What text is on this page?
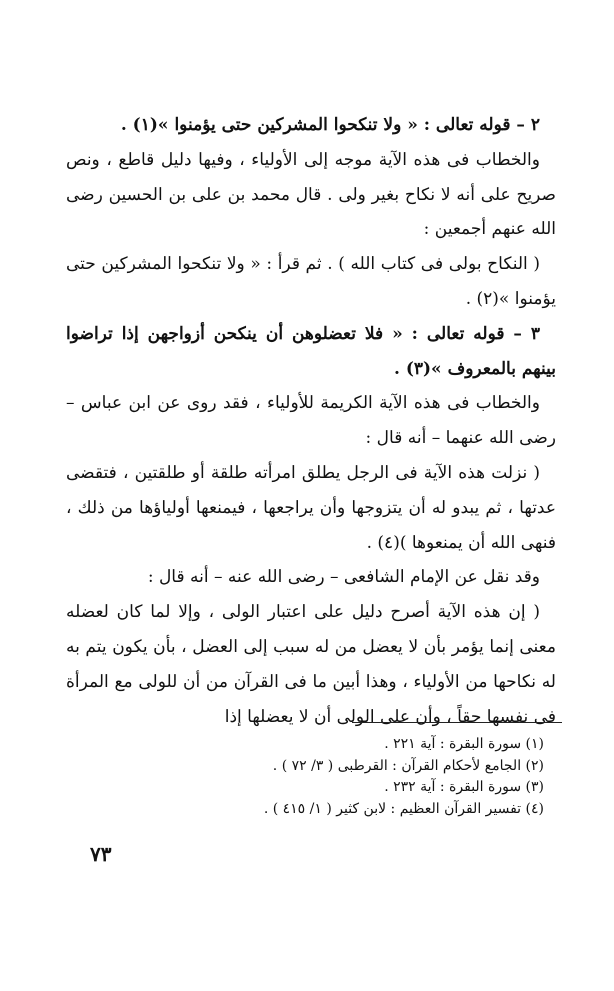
٢ – قوله تعالى : « ولا تنكحوا المشركين حتى يؤمنوا »(١) .

والخطاب فى هذه الآية موجه إلى الأولياء ، وفيها دليل قاطع ، ونص صريح على أنه لا نكاح بغير ولى . قال محمد بن على بن الحسين رضى الله عنهم أجمعين :

( النكاح بولى فى كتاب الله ) . ثم قرأ : « ولا تنكحوا المشركين حتى يؤمنوا »(٢) .

٣ – قوله تعالى : « فلا تعضلوهن أن ينكحن أزواجهن إذا تراضوا بينهم بالمعروف »(٣) .

والخطاب فى هذه الآية الكريمة للأولياء ، فقد روى عن ابن عباس – رضى الله عنهما – أنه قال :

( نزلت هذه الآية فى الرجل يطلق امرأته طلقة أو طلقتين ، فتقضى عدتها ، ثم يبدو له أن يتزوجها وأن يراجعها ، فيمنعها أولياؤها من ذلك ، فنهى الله أن يمنعوها )(٤) .

وقد نقل عن الإمام الشافعى – رضى الله عنه – أنه قال :

( إن هذه الآية أصرح دليل على اعتبار الولى ، وإلا لما كان لعضله معنى إنما يؤمر بأن لا يعضل من له سبب إلى العضل ، بأن يكون يتم به له نكاحها من الأولياء ، وهذا أبين ما فى القرآن من أن للولى مع المرأة فى نفسها حقاً ، وأن على الولى أن لا يعضلها إذا

(١) سورة البقرة : آية ٢٢١ .

(٢) الجامع لأحكام القرآن : القرطبى ( ٣/ ٧٢ ) .

(٣) سورة البقرة : آية ٢٣٢ .

(٤) تفسير القرآن العظيم : لابن كثير ( ١/ ٤١٥ ) .

٧٣
